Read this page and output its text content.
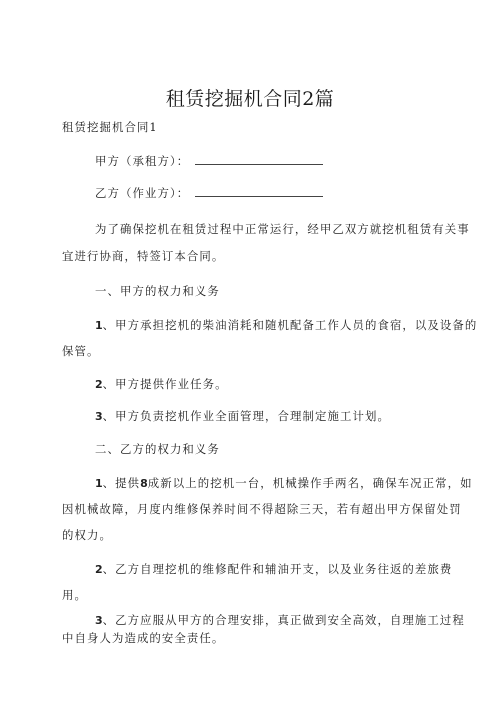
租赁挖掘机合同2篇
租赁挖掘机合同1
甲方（承租方）：
乙方（作业方）：
为了确保挖机在租赁过程中正常运行，经甲乙双方就挖机租赁有关事
宜进行协商，特签订本合同。
一、甲方的权力和义务
1、甲方承担挖机的柴油消耗和随机配备工作人员的食宿，以及设备的
保管。
2、甲方提供作业任务。
3、甲方负责挖机作业全面管理，合理制定施工计划。
二、乙方的权力和义务
1、提供8成新以上的挖机一台，机械操作手两名，确保车况正常，如
因机械故障，月度内维修保养时间不得超除三天，若有超出甲方保留处罚
的权力。
2、乙方自理挖机的维修配件和辅油开支，以及业务往返的差旅费
用。
3、乙方应服从甲方的合理安排，真正做到安全高效，自理施工过程
中自身人为造成的安全责任。
